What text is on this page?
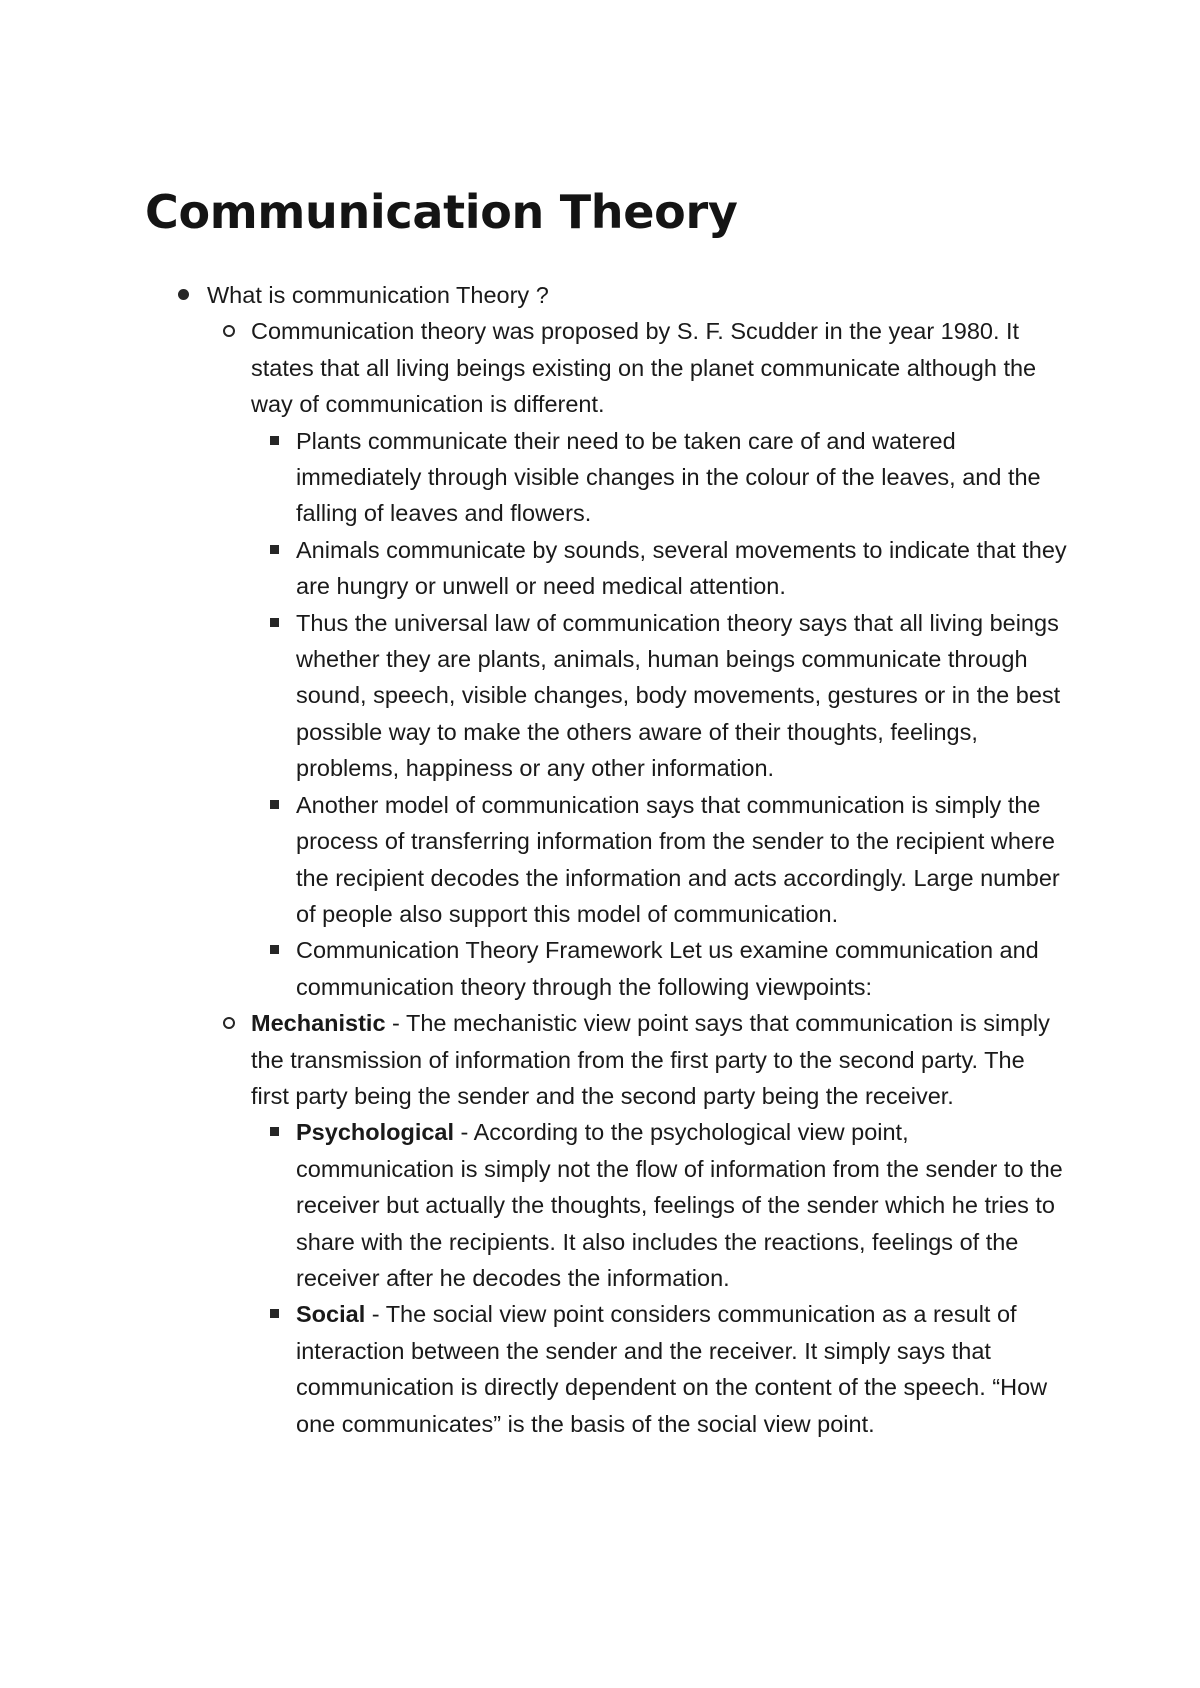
Communication Theory
What is communication Theory ?
Communication theory was proposed by S. F. Scudder in the year 1980. It states that all living beings existing on the planet communicate although the way of communication is different.
Plants communicate their need to be taken care of and watered immediately through visible changes in the colour of the leaves, and the falling of leaves and flowers.
Animals communicate by sounds, several movements to indicate that they are hungry or unwell or need medical attention.
Thus the universal law of communication theory says that all living beings whether they are plants, animals, human beings communicate through sound, speech, visible changes, body movements, gestures or in the best possible way to make the others aware of their thoughts, feelings, problems, happiness or any other information.
Another model of communication says that communication is simply the process of transferring information from the sender to the recipient where the recipient decodes the information and acts accordingly. Large number of people also support this model of communication.
Communication Theory Framework Let us examine communication and communication theory through the following viewpoints:
Mechanistic - The mechanistic view point says that communication is simply the transmission of information from the first party to the second party. The first party being the sender and the second party being the receiver.
Psychological - According to the psychological view point, communication is simply not the flow of information from the sender to the receiver but actually the thoughts, feelings of the sender which he tries to share with the recipients. It also includes the reactions, feelings of the receiver after he decodes the information.
Social - The social view point considers communication as a result of interaction between the sender and the receiver. It simply says that communication is directly dependent on the content of the speech. “How one communicates” is the basis of the social view point.
